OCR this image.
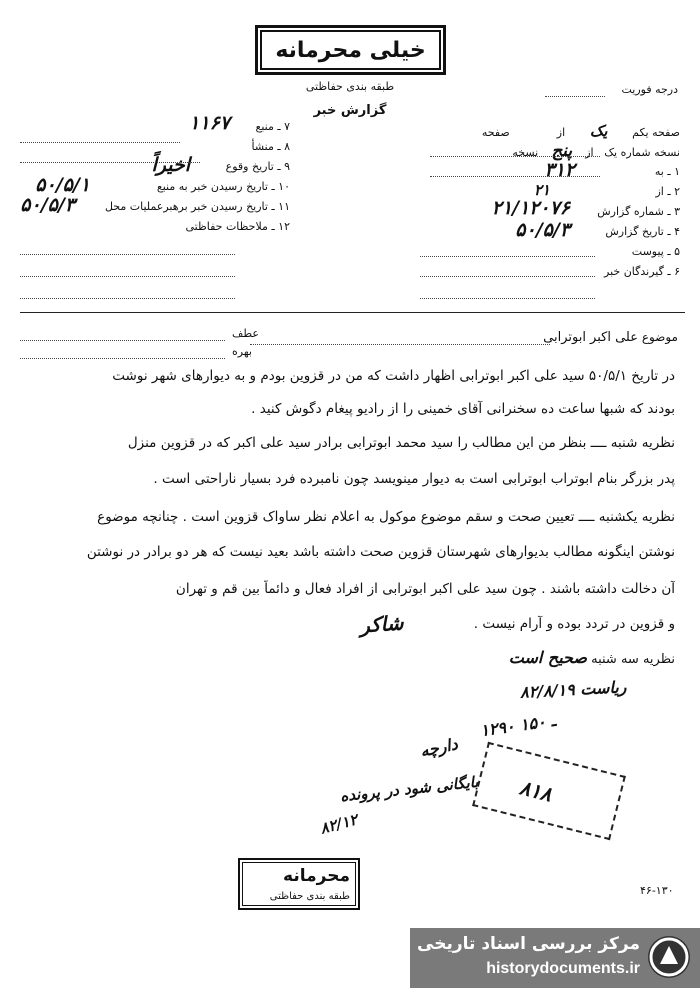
خیلی محرمانه
طبقه بندی حفاظتی
گزارش خبر
درجه فوریت
صفحه یکم یک از  صفحه
نسخه شماره یک از پنج نسخه
۱ ـ به
۳۱۲
۲ ـ از
۲۱
۳ ـ شماره گزارش
۲۱/۱۲۰۷۶
۴ ـ تاریخ گزارش
۵۰/۵/۳
۵ ـ پیوست
۶ ـ گیرندگان خبر
۷ ـ منبع
۱۱۶۷
۸ ـ منشأ
۹ ـ تاریخ وقوع
اخیراً
۱۰ ـ تاریخ رسیدن خبر به منبع
۵۰/۵/۱
۱۱ ـ تاریخ رسیدن خبر برهبرعملیات محل
۵۰/۵/۳
۱۲ ـ ملاحظات حفاظتی
موضوع علی اکبر ابوترابی
عطف
بهره
در تاریخ ۵۰/۵/۱ سید علی اکبر ابوترابی اظهار داشت که من در قزوین بودم و به دیوارهای شهر نوشت
بودند که شبها ساعت ده سخنرانی آقای خمینی را از رادیو پیغام دگوش کنید .
نظریه شنبه ــــ بنظر من این مطالب را سید محمد ابوترابی برادر سید علی اکبر که در قزوین منزل
پدر بزرگر بنام ابوتراب ابوترابی است به دیوار مینویسد چون نامبرده فرد بسیار ناراحتی است .
نظریه یکشنبه ــــ تعیین صحت و سقم موضوع موکول به اعلام نظر ساواک قزوین است . چنانچه موضوع
نوشتن اینگونه مطالب بدیوارهای شهرستان قزوین صحت داشته باشد بعید نیست که هر دو برادر در نوشتن
آن دخالت داشته باشند . چون سید علی اکبر ابوترابی از افراد فعال و دائماً بین قم و تهران
و قزوین در تردد بوده و آرام نیست .
شاکر
نظریه سه شنبه صحیح است
۸۲/۸/۱۹ ریاست
۱۲۹۰ ـ ۱۵۰
دارچه
بایگانی شود در پرونده
۸۲/۱۲
۸۱۸
محرمانه
طبقه بندی حفاظتی	۴۶-۱۳۰
مرکز بررسی اسناد تاریخی
historydocuments.ir
